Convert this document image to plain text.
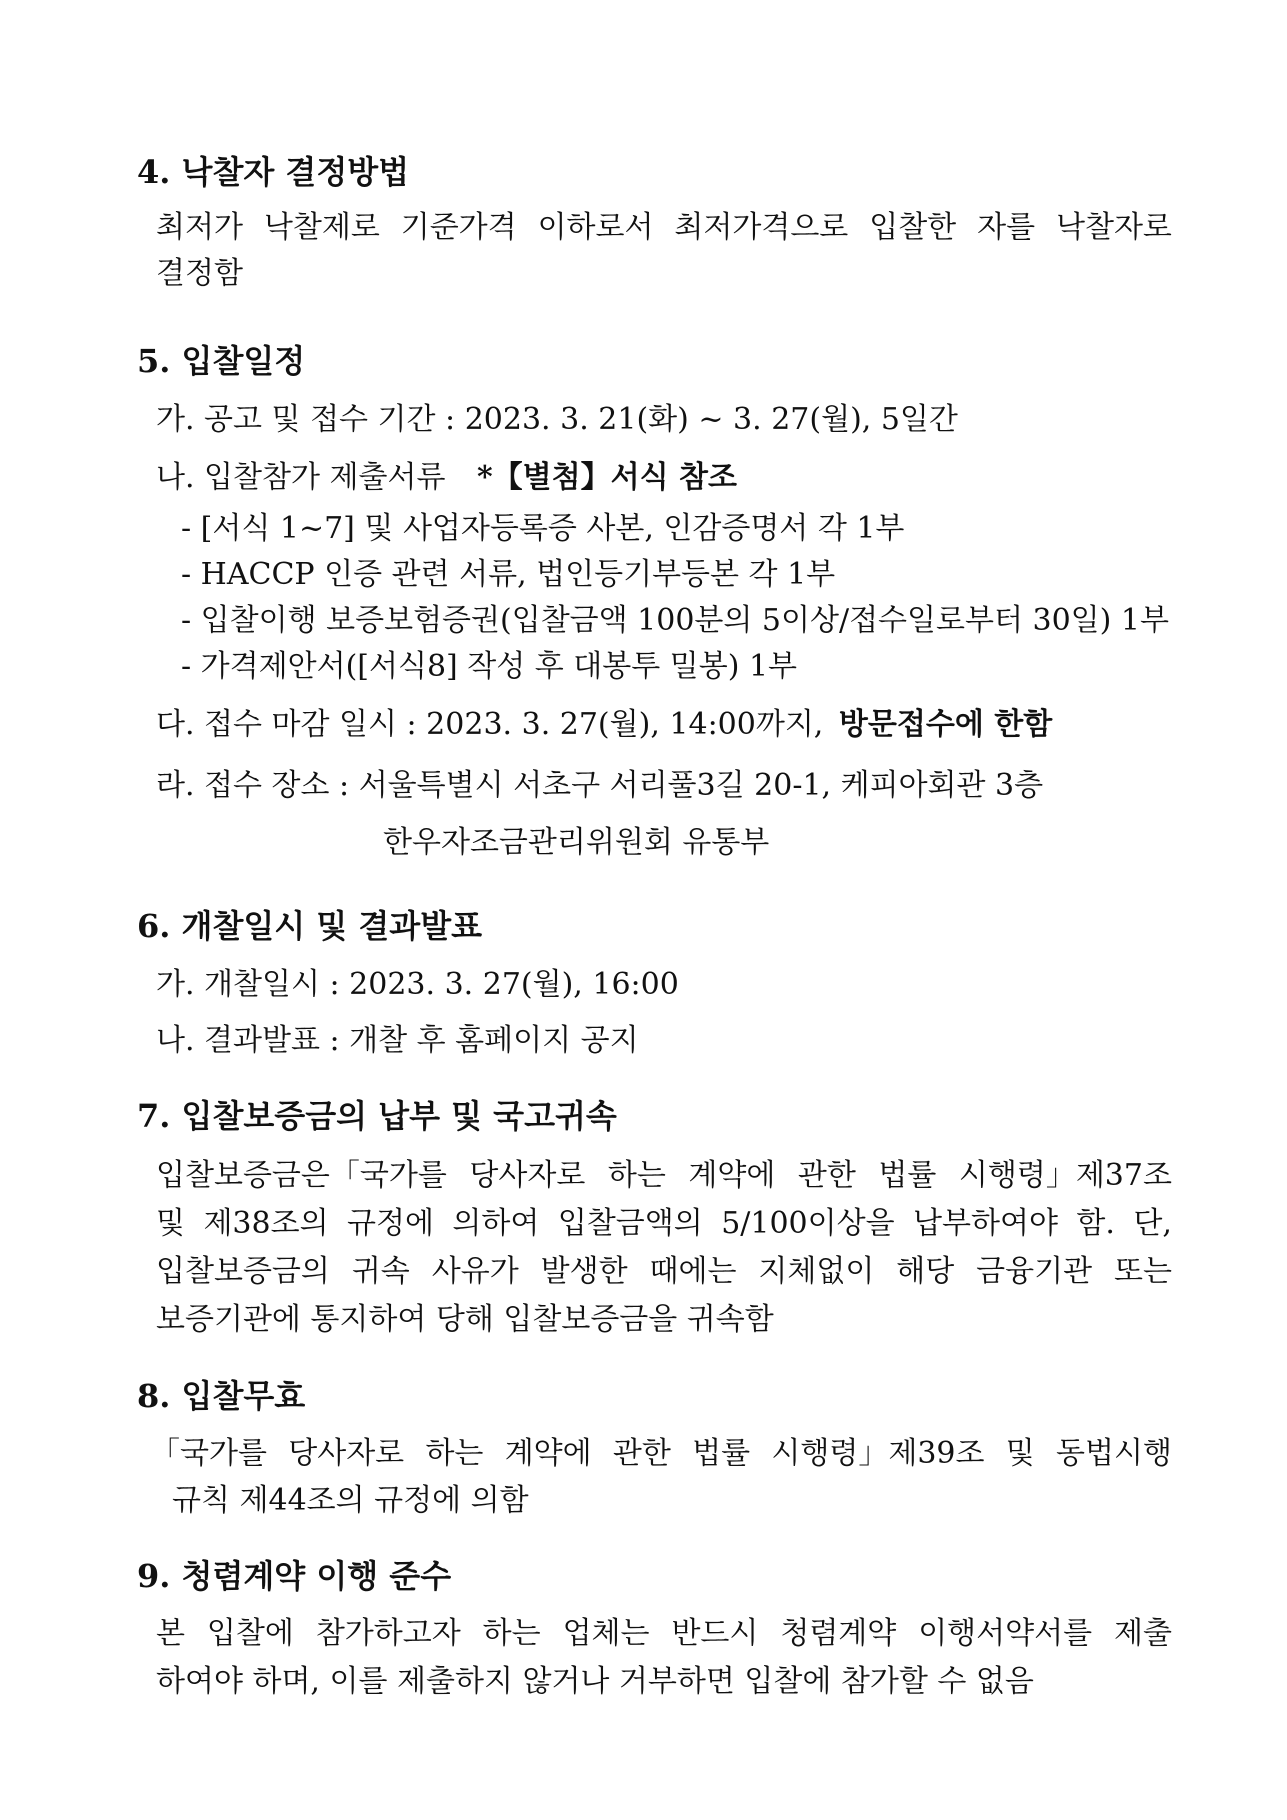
4. 낙찰자 결정방법
최저가 낙찰제로 기준가격 이하로서 최저가격으로 입찰한 자를 낙찰자로
결정함
5. 입찰일정
가. 공고 및 접수 기간 : 2023. 3. 21(화) ~ 3. 27(월), 5일간
나. 입찰참가 제출서류 *【별첨】서식 참조
- [서식 1~7] 및 사업자등록증 사본, 인감증명서 각 1부
- HACCP 인증 관련 서류, 법인등기부등본 각 1부
- 입찰이행 보증보험증권(입찰금액 100분의 5이상/접수일로부터 30일) 1부
- 가격제안서([서식8] 작성 후 대봉투 밀봉) 1부
다. 접수 마감 일시 : 2023. 3. 27(월), 14:00까지, 방문접수에 한함
라. 접수 장소 : 서울특별시 서초구 서리풀3길 20-1, 케피아회관 3층
한우자조금관리위원회 유통부
6. 개찰일시 및 결과발표
가. 개찰일시 : 2023. 3. 27(월), 16:00
나. 결과발표 : 개찰 후 홈페이지 공지
7. 입찰보증금의 납부 및 국고귀속
입찰보증금은「국가를 당사자로 하는 계약에 관한 법률 시행령」제37조
및 제38조의 규정에 의하여 입찰금액의 5/100이상을 납부하여야 함. 단,
입찰보증금의 귀속 사유가 발생한 때에는 지체없이 해당 금융기관 또는
보증기관에 통지하여 당해 입찰보증금을 귀속함
8. 입찰무효
「국가를 당사자로 하는 계약에 관한 법률 시행령」제39조 및 동법시행
규칙 제44조의 규정에 의함
9. 청렴계약 이행 준수
본 입찰에 참가하고자 하는 업체는 반드시 청렴계약 이행서약서를 제출
하여야 하며, 이를 제출하지 않거나 거부하면 입찰에 참가할 수 없음
